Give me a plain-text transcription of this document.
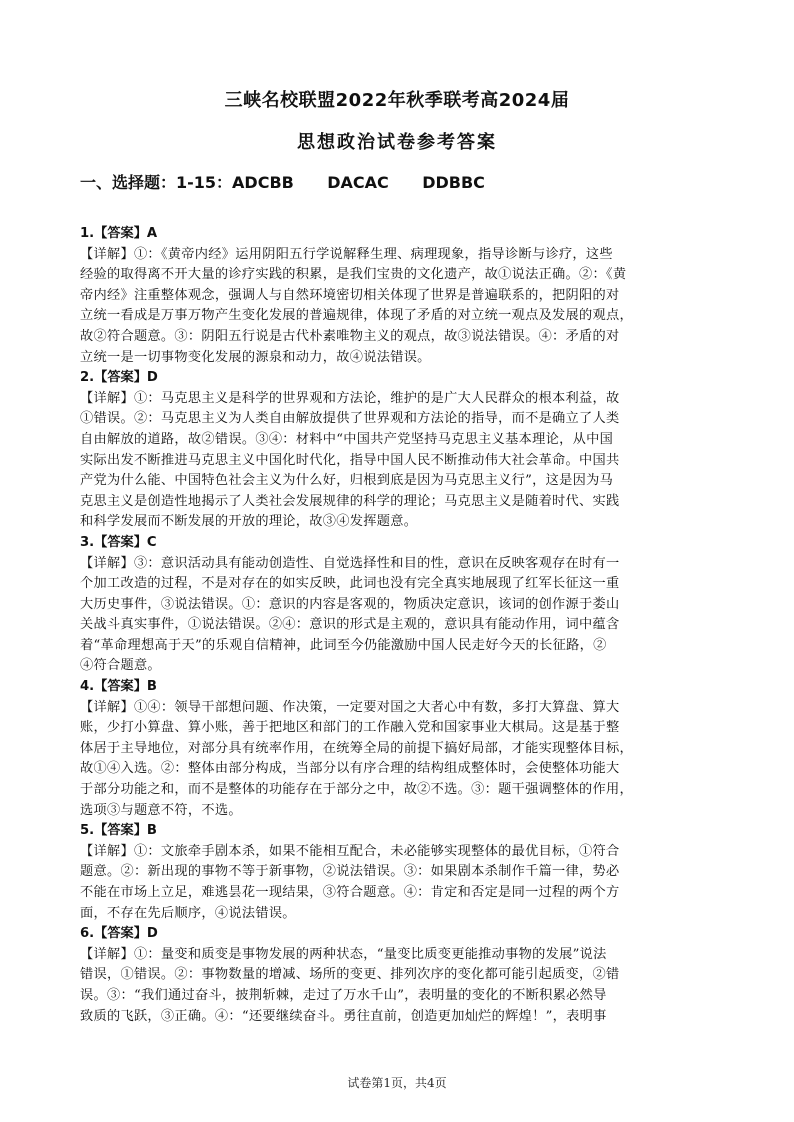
三峡名校联盟2022年秋季联考高2024届
思想政治试卷参考答案
一、选择题：1-15：ADCBB      DACAC      DDBBC
1.【答案】A
【详解】①：《黄帝内经》运用阴阳五行学说解释生理、病理现象，指导诊断与诊疗，这些
经验的取得离不开大量的诊疗实践的积累，是我们宝贵的文化遗产，故①说法正确。②：《黄
帝内经》注重整体观念，强调人与自然环境密切相关体现了世界是普遍联系的，把阴阳的对
立统一看成是万事万物产生变化发展的普遍规律，体现了矛盾的对立统一观点及发展的观点，
故②符合题意。③：阴阳五行说是古代朴素唯物主义的观点，故③说法错误。④：矛盾的对
立统一是一切事物变化发展的源泉和动力，故④说法错误。
2.【答案】D
【详解】①：马克思主义是科学的世界观和方法论，维护的是广大人民群众的根本利益，故
①错误。②：马克思主义为人类自由解放提供了世界观和方法论的指导，而不是确立了人类
自由解放的道路，故②错误。③④：材料中“中国共产党坚持马克思主义基本理论，从中国
实际出发不断推进马克思主义中国化时代化，指导中国人民不断推动伟大社会革命。中国共
产党为什么能、中国特色社会主义为什么好，归根到底是因为马克思主义行”，这是因为马
克思主义是创造性地揭示了人类社会发展规律的科学的理论；马克思主义是随着时代、实践
和科学发展而不断发展的开放的理论，故③④发挥题意。
3.【答案】C
【详解】③：意识活动具有能动创造性、自觉选择性和目的性，意识在反映客观存在时有一
个加工改造的过程，不是对存在的如实反映，此词也没有完全真实地展现了红军长征这一重
大历史事件，③说法错误。①：意识的内容是客观的，物质决定意识，该词的创作源于娄山
关战斗真实事件，①说法错误。②④：意识的形式是主观的，意识具有能动作用，词中蕴含
着“革命理想高于天”的乐观自信精神，此词至今仍能激励中国人民走好今天的长征路，②
④符合题意。
4.【答案】B
【详解】①④：领导干部想问题、作决策，一定要对国之大者心中有数，多打大算盘、算大
账，少打小算盘、算小账，善于把地区和部门的工作融入党和国家事业大棋局。这是基于整
体居于主导地位，对部分具有统率作用，在统筹全局的前提下搞好局部，才能实现整体目标，
故①④入选。②：整体由部分构成，当部分以有序合理的结构组成整体时，会使整体功能大
于部分功能之和，而不是整体的功能存在于部分之中，故②不选。③：题干强调整体的作用，
选项③与题意不符，不选。
5.【答案】B
【详解】①：文旅牵手剧本杀，如果不能相互配合，未必能够实现整体的最优目标，①符合
题意。②：新出现的事物不等于新事物，②说法错误。③：如果剧本杀制作千篇一律，势必
不能在市场上立足，难逃昙花一现结果，③符合题意。④：肯定和否定是同一过程的两个方
面，不存在先后顺序，④说法错误。
6.【答案】D
【详解】①：量变和质变是事物发展的两种状态，“量变比质变更能推动事物的发展”说法
错误，①错误。②：事物数量的增减、场所的变更、排列次序的变化都可能引起质变，②错
误。③：“我们通过奋斗，披荆斩棘，走过了万水千山”，表明量的变化的不断积累必然导
致质的飞跃，③正确。④：“还要继续奋斗。勇往直前，创造更加灿烂的辉煌！”，表明事
试卷第1页，共4页
